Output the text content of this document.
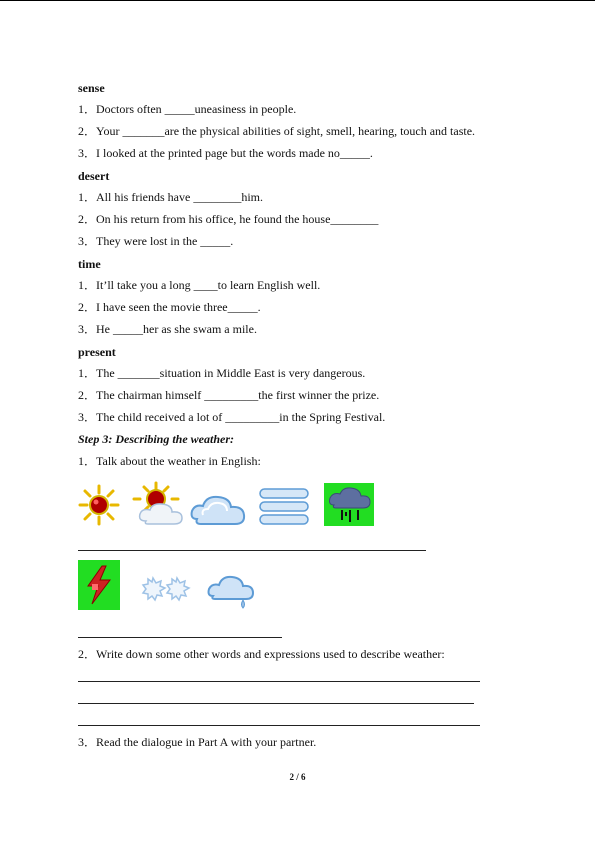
sense
1．Doctors often _____uneasiness in people.
2．Your _______are the physical abilities of sight, smell, hearing, touch and taste.
3．I looked at the printed page but the words made no_____.
desert
1．All his friends have ________him.
2．On his return from his office, he found the house________
3．They were lost in the _____.
time
1．It’ll take you a long ____to learn English well.
2．I have seen the movie three_____.
3．He _____her as she swam a mile.
present
1．The _______situation in Middle East is very dangerous.
2．The chairman himself _________the first winner the prize.
3．The child received a lot of _________in the Spring Festival.
Step 3: Describing the weather:
1．Talk about the weather in English:
2．Write down some other words and expressions used to describe weather:
3．Read the dialogue in Part A with your partner.
2 / 6
